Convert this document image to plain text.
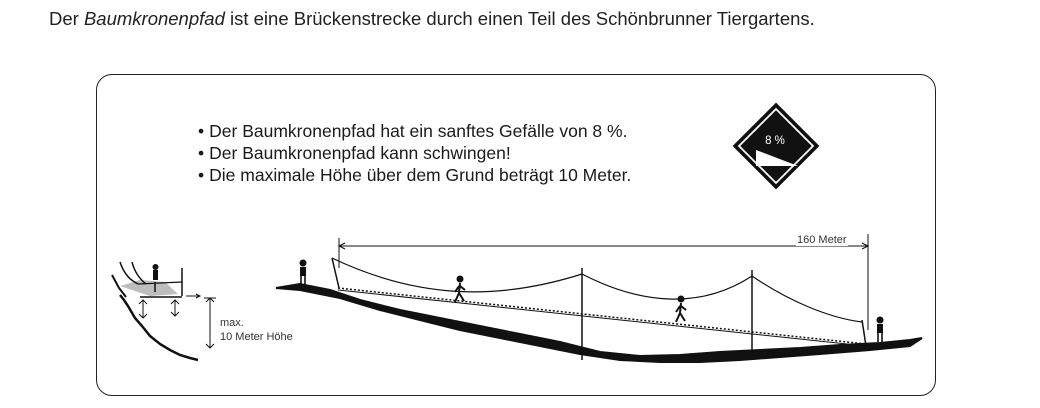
Der Baumkronenpfad ist eine Brückenstrecke durch einen Teil des Schönbrunner Tiergartens.

• Der Baumkronenpfad hat ein sanftes Gefälle von 8 %.
• Der Baumkronenpfad kann schwingen!
• Die maximale Höhe über dem Grund beträgt 10 Meter.
8 %
160 Meter
max.
10 Meter Höhe
